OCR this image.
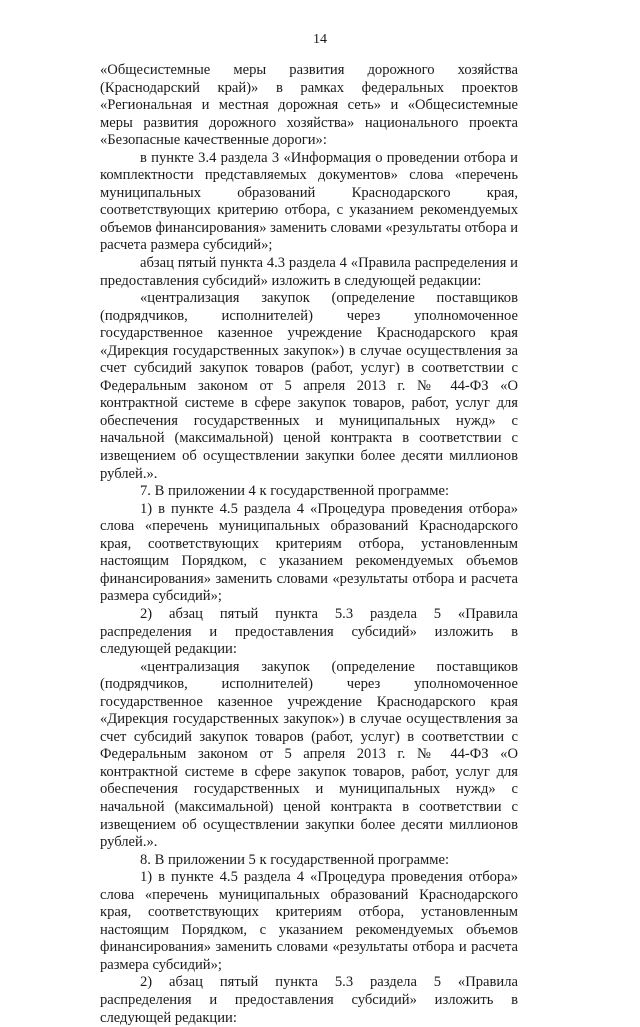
14

«Общесистемные меры развития дорожного хозяйства (Краснодарский край)» в рамках федеральных проектов «Региональная и местная дорожная сеть» и «Общесистемные меры развития дорожного хозяйства» национального проекта «Безопасные качественные дороги»:

в пункте 3.4 раздела 3 «Информация о проведении отбора и комплектности представляемых документов» слова «перечень муниципальных образований Краснодарского края, соответствующих критерию отбора, с указанием рекомендуемых объемов финансирования» заменить словами «результаты отбора и расчета размера субсидий»;

абзац пятый пункта 4.3 раздела 4 «Правила распределения и предоставления субсидий» изложить в следующей редакции:

«централизация закупок (определение поставщиков (подрядчиков, исполнителей) через уполномоченное государственное казенное учреждение Краснодарского края «Дирекция государственных закупок») в случае осуществления за счет субсидий закупок товаров (работ, услуг) в соответствии с Федеральным законом от 5 апреля 2013 г. № 44-ФЗ «О контрактной системе в сфере закупок товаров, работ, услуг для обеспечения государственных и муниципальных нужд» с начальной (максимальной) ценой контракта в соответствии с извещением об осуществлении закупки более десяти миллионов рублей.».

7. В приложении 4 к государственной программе:

1) в пункте 4.5 раздела 4 «Процедура проведения отбора» слова «перечень муниципальных образований Краснодарского края, соответствующих критериям отбора, установленным настоящим Порядком, с указанием рекомендуемых объемов финансирования» заменить словами «результаты отбора и расчета размера субсидий»;

2) абзац пятый пункта 5.3 раздела 5 «Правила распределения и предоставления субсидий» изложить в следующей редакции:

«централизация закупок (определение поставщиков (подрядчиков, исполнителей) через уполномоченное государственное казенное учреждение Краснодарского края «Дирекция государственных закупок») в случае осуществления за счет субсидий закупок товаров (работ, услуг) в соответствии с Федеральным законом от 5 апреля 2013 г. № 44-ФЗ «О контрактной системе в сфере закупок товаров, работ, услуг для обеспечения государственных и муниципальных нужд» с начальной (максимальной) ценой контракта в соответствии с извещением об осуществлении закупки более десяти миллионов рублей.».

8. В приложении 5 к государственной программе:

1) в пункте 4.5 раздела 4 «Процедура проведения отбора» слова «перечень муниципальных образований Краснодарского края, соответствующих критериям отбора, установленным настоящим Порядком, с указанием рекомендуемых объемов финансирования» заменить словами «результаты отбора и расчета размера субсидий»;

2) абзац пятый пункта 5.3 раздела 5 «Правила распределения и предоставления субсидий» изложить в следующей редакции:
